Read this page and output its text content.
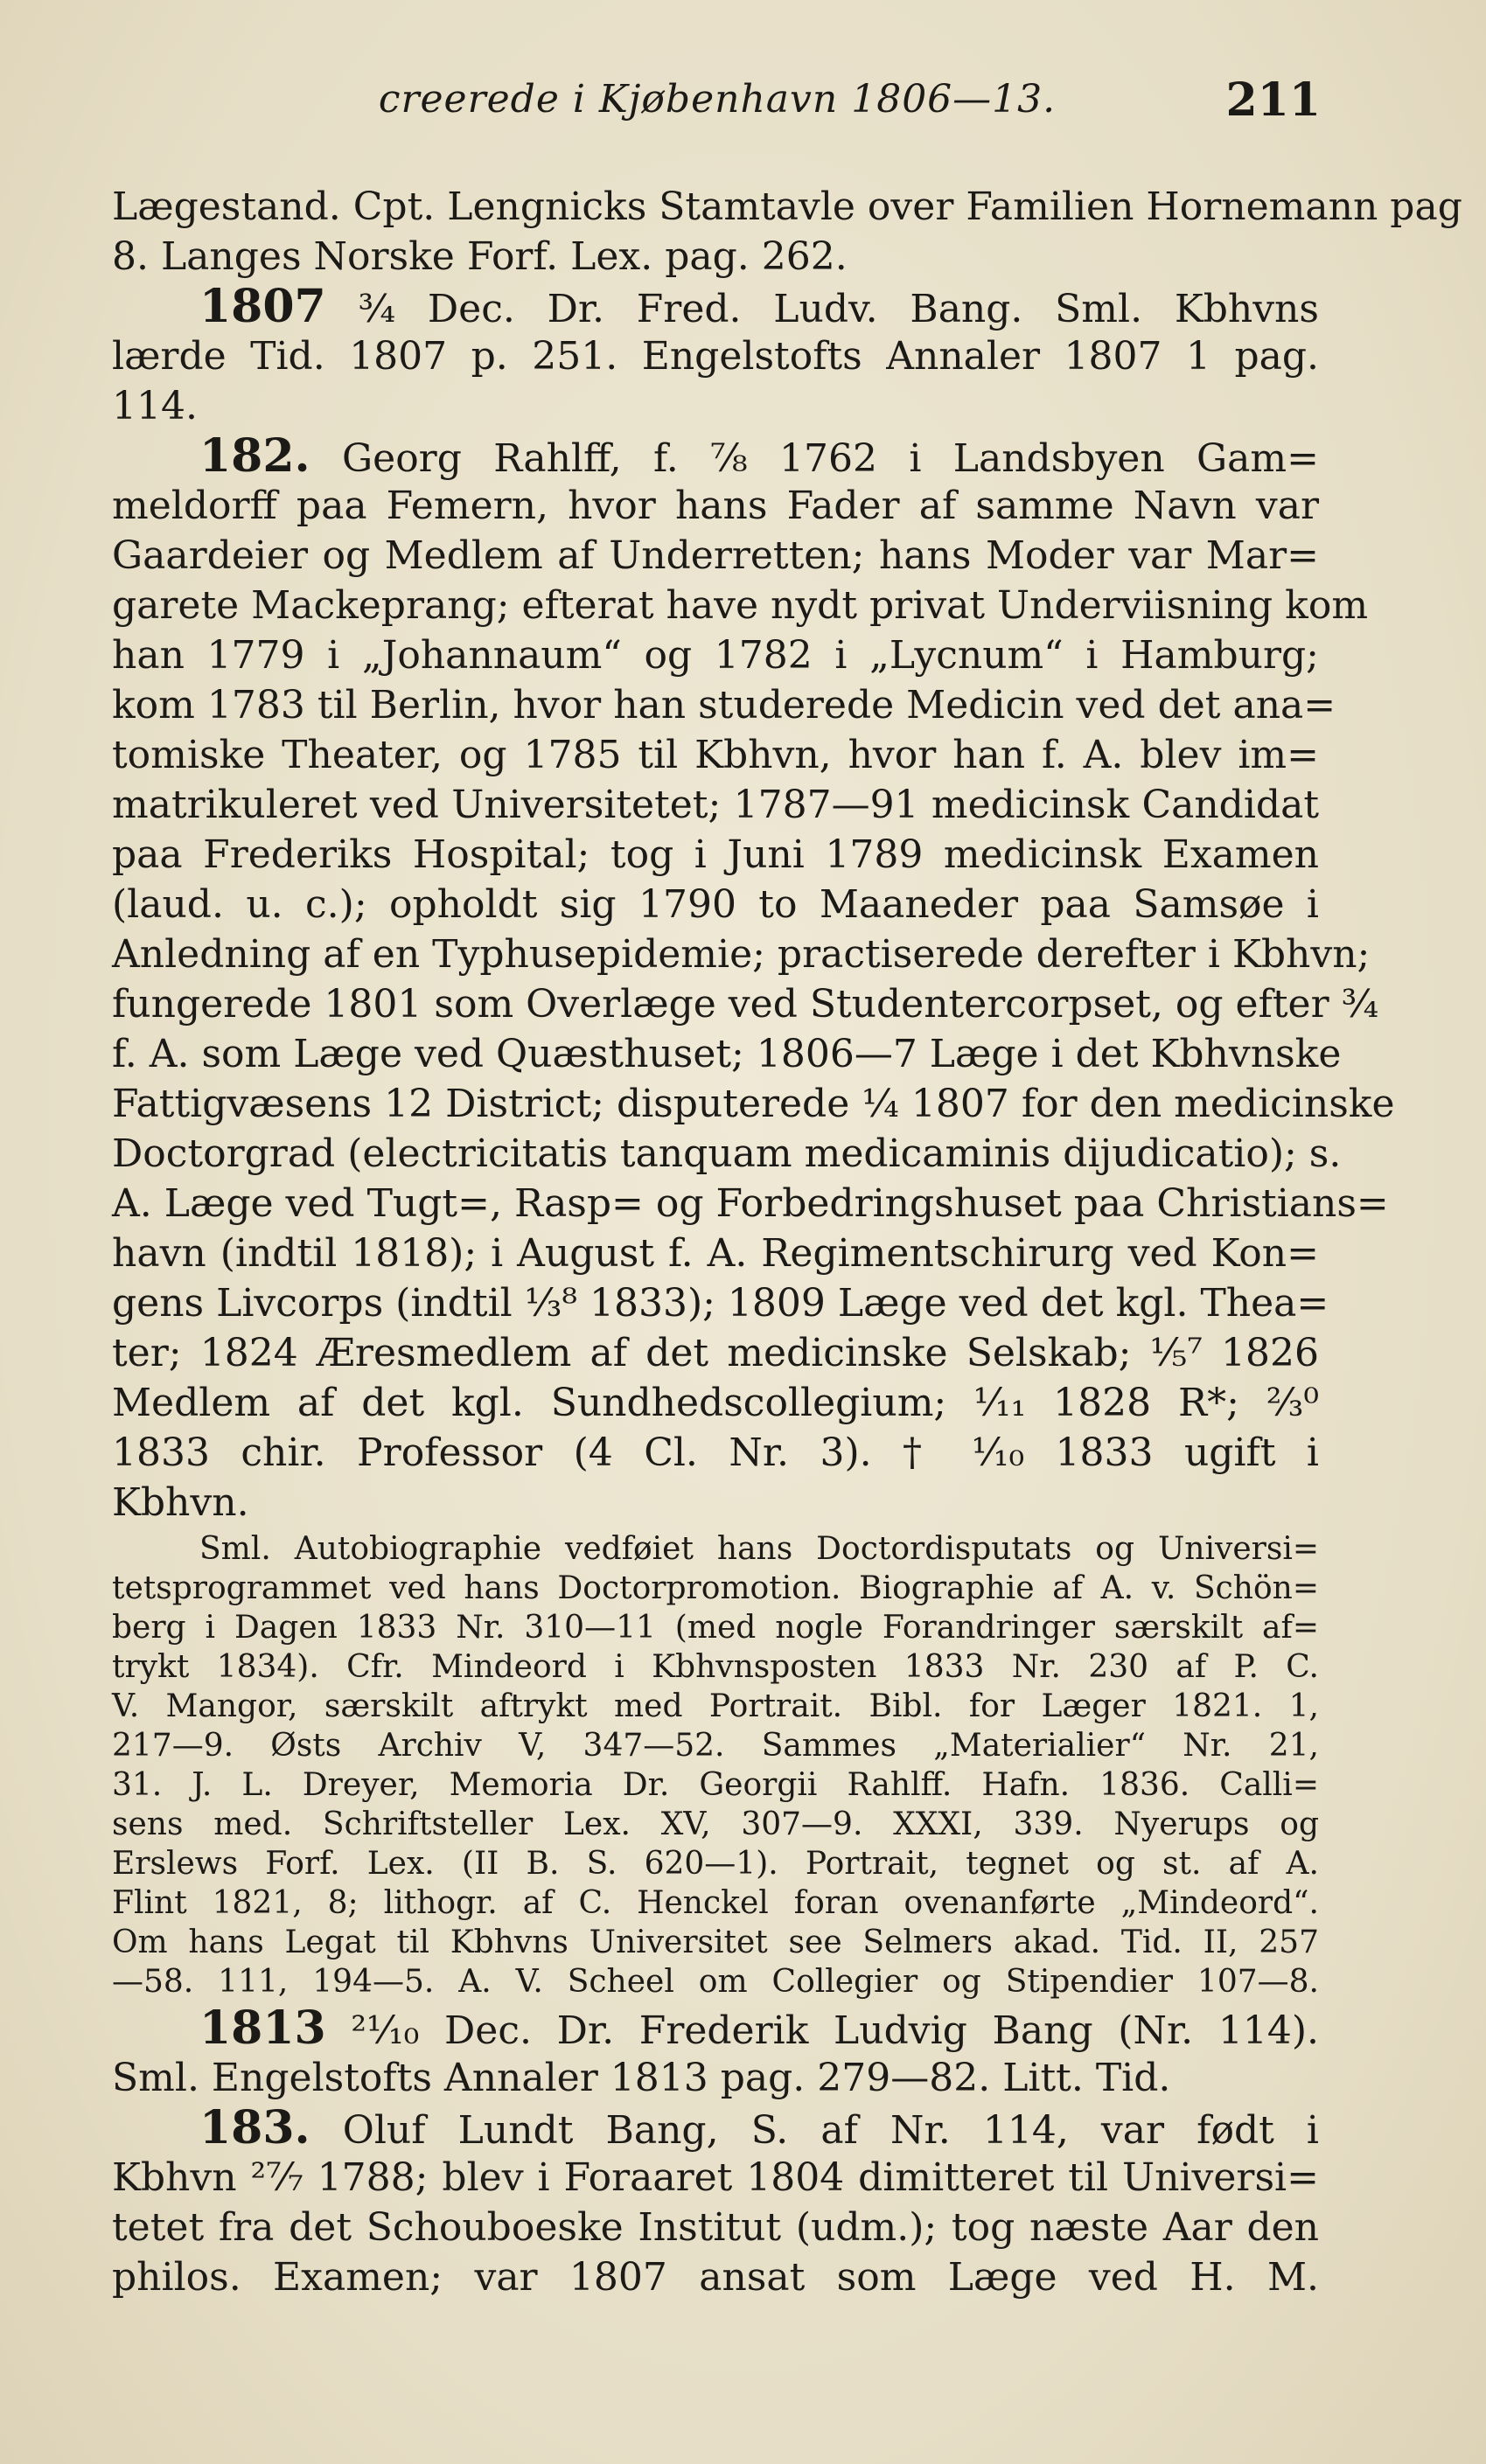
creerede i Kjøbenhavn 1806—13.	211
Lægestand. Cpt. Lengnicks Stamtavle over Familien Hornemann pag
8. Langes Norske Forf. Lex. pag. 262.
1807 ¾ Dec. Dr. Fred. Ludv. Bang. Sml. Kbhvns
lærde Tid. 1807 p. 251. Engelstofts Annaler 1807 1 pag.
114.
182. Georg Rahlff, f. ⅞ 1762 i Landsbyen Gam=
meldorff paa Femern, hvor hans Fader af samme Navn var
Gaardeier og Medlem af Underretten; hans Moder var Mar=
garete Mackeprang; efterat have nydt privat Underviisning kom
han 1779 i „Johannaum“ og 1782 i „Lycnum“ i Hamburg;
kom 1783 til Berlin, hvor han studerede Medicin ved det ana=
tomiske Theater, og 1785 til Kbhvn, hvor han f. A. blev im=
matrikuleret ved Universitetet; 1787—91 medicinsk Candidat
paa Frederiks Hospital; tog i Juni 1789 medicinsk Examen
(laud. u. c.); opholdt sig 1790 to Maaneder paa Samsøe i
Anledning af en Typhusepidemie; practiserede derefter i Kbhvn;
fungerede 1801 som Overlæge ved Studentercorpset, og efter ¾
f. A. som Læge ved Quæsthuset; 1806—7 Læge i det Kbhvnske
Fattigvæsens 12 District; disputerede ¼ 1807 for den medicinske
Doctorgrad (electricitatis tanquam medicaminis dijudicatio); s.
A. Læge ved Tugt=, Rasp= og Forbedringshuset paa Christians=
havn (indtil 1818); i August f. A. Regimentschirurg ved Kon=
gens Livcorps (indtil ¹⁄₃⁸ 1833); 1809 Læge ved det kgl. Thea=
ter; 1824 Æresmedlem af det medicinske Selskab; ¹⁄₅⁷ 1826
Medlem af det kgl. Sundhedscollegium; ¹⁄₁₁ 1828 R*; ²⁄₃⁰
1833 chir. Professor (4 Cl. Nr. 3). † ¹⁄₁₀ 1833 ugift i
Kbhvn.
Sml. Autobiographie vedføiet hans Doctordisputats og Universi=
tetsprogrammet ved hans Doctorpromotion. Biographie af A. v. Schön=
berg i Dagen 1833 Nr. 310—11 (med nogle Forandringer særskilt af=
trykt 1834). Cfr. Mindeord i Kbhvnsposten 1833 Nr. 230 af P. C.
V. Mangor, særskilt aftrykt med Portrait. Bibl. for Læger 1821. 1,
217—9. Østs Archiv V, 347—52. Sammes „Materialier“ Nr. 21,
31. J. L. Dreyer, Memoria Dr. Georgii Rahlff. Hafn. 1836. Calli=
sens med. Schriftsteller Lex. XV, 307—9. XXXI, 339. Nyerups og
Erslews Forf. Lex. (II B. S. 620—1). Portrait, tegnet og st. af A.
Flint 1821, 8; lithogr. af C. Henckel foran ovenanførte „Mindeord“.
Om hans Legat til Kbhvns Universitet see Selmers akad. Tid. II, 257
—58. 111, 194—5. A. V. Scheel om Collegier og Stipendier 107—8.
1813 ²¹⁄₁₀ Dec. Dr. Frederik Ludvig Bang (Nr. 114).
Sml. Engelstofts Annaler 1813 pag. 279—82. Litt. Tid.
183. Oluf Lundt Bang, S. af Nr. 114, var født i
Kbhvn ²⁷⁄₇ 1788; blev i Foraaret 1804 dimitteret til Universi=
tetet fra det Schouboeske Institut (udm.); tog næste Aar den
philos. Examen; var 1807 ansat som Læge ved H. M.
